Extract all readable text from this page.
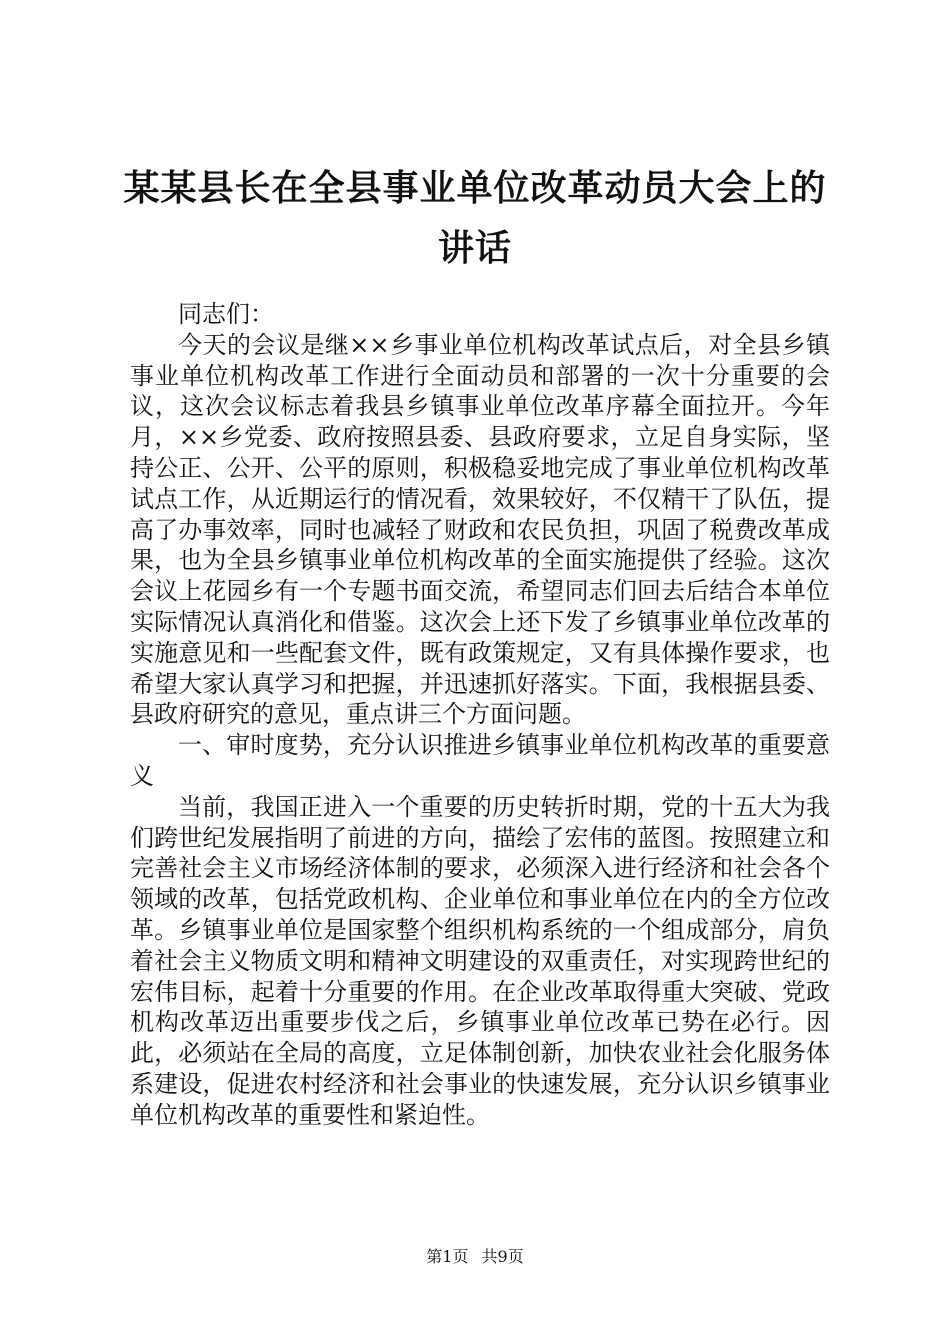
某某县长在全县事业单位改革动员大会上的讲话

同志们：

今天的会议是继××乡事业单位机构改革试点后，对全县乡镇事业单位机构改革工作进行全面动员和部署的一次十分重要的会议，这次会议标志着我县乡镇事业单位改革序幕全面拉开。今年月，××乡党委、政府按照县委、县政府要求，立足自身实际，坚持公正、公开、公平的原则，积极稳妥地完成了事业单位机构改革试点工作，从近期运行的情况看，效果较好，不仅精干了队伍，提高了办事效率，同时也减轻了财政和农民负担，巩固了税费改革成果，也为全县乡镇事业单位机构改革的全面实施提供了经验。这次会议上花园乡有一个专题书面交流，希望同志们回去后结合本单位实际情况认真消化和借鉴。这次会上还下发了乡镇事业单位改革的实施意见和一些配套文件，既有政策规定，又有具体操作要求，也希望大家认真学习和把握，并迅速抓好落实。下面，我根据县委、县政府研究的意见，重点讲三个方面问题。

一、审时度势，充分认识推进乡镇事业单位机构改革的重要意义

当前，我国正进入一个重要的历史转折时期，党的十五大为我们跨世纪发展指明了前进的方向，描绘了宏伟的蓝图。按照建立和完善社会主义市场经济体制的要求，必须深入进行经济和社会各个领域的改革，包括党政机构、企业单位和事业单位在内的全方位改革。乡镇事业单位是国家整个组织机构系统的一个组成部分，肩负着社会主义物质文明和精神文明建设的双重责任，对实现跨世纪的宏伟目标，起着十分重要的作用。在企业改革取得重大突破、党政机构改革迈出重要步伐之后，乡镇事业单位改革已势在必行。因此，必须站在全局的高度，立足体制创新，加快农业社会化服务体系建设，促进农村经济和社会事业的快速发展，充分认识乡镇事业单位机构改革的重要性和紧迫性。

第1页 共9页
